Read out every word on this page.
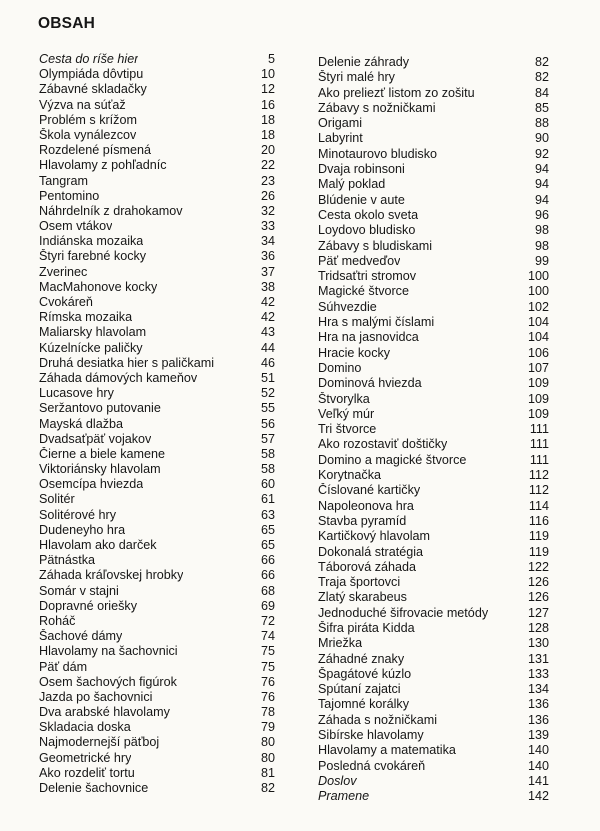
OBSAH
Cesta do ríše hier	5
Olympiáda dôvtipu	10
Zábavné skladačky	12
Výzva na súťaž	16
Problém s krížom	18
Škola vynálezcov	18
Rozdelené písmená	20
Hlavolamy z pohľadníc	22
Tangram	23
Pentomino	26
Náhrdelník z drahokamov	32
Osem vtákov	33
Indiánska mozaika	34
Štyri farebné kocky	36
Zverinec	37
MacMahonove kocky	38
Cvokáreň	42
Rímska mozaika	42
Maliarsky hlavolam	43
Kúzelnícke paličky	44
Druhá desiatka hier s paličkami	46
Záhada dámových kameňov	51
Lucasove hry	52
Seržantovo putovanie	55
Mayská dlažba	56
Dvadsaťpäť vojakov	57
Čierne a biele kamene	58
Viktoriánsky hlavolam	58
Osemcípa hviezda	60
Solitér	61
Solitérové hry	63
Dudeneyho hra	65
Hlavolam ako darček	65
Pätnástka	66
Záhada kráľovskej hrobky	66
Somár v stajni	68
Dopravné oriešky	69
Roháč	72
Šachové dámy	74
Hlavolamy na šachovnici	75
Päť dám	75
Osem šachových figúrok	76
Jazda po šachovnici	76
Dva arabské hlavolamy	78
Skladacia doska	79
Najmodernejší päťboj	80
Geometrické hry	80
Ako rozdeliť tortu	81
Delenie šachovnice	82
Delenie záhrady	82
Štyri malé hry	82
Ako preliezť listom zo zošitu	84
Zábavy s nožničkami	85
Origami	88
Labyrint	90
Minotaurovo bludisko	92
Dvaja robinsoni	94
Malý poklad	94
Blúdenie v aute	94
Cesta okolo sveta	96
Loydovo bludisko	98
Zábavy s bludiskami	98
Päť medveďov	99
Tridsaťtri stromov	100
Magické štvorce	100
Súhvezdie	102
Hra s malými číslami	104
Hra na jasnovidca	104
Hracie kocky	106
Domino	107
Dominová hviezda	109
Štvorylka	109
Veľký múr	109
Tri štvorce	111
Ako rozostaviť doštičky	111
Domino a magické štvorce	111
Korytnačka	112
Číslované kartičky	112
Napoleonova hra	114
Stavba pyramíd	116
Kartičkový hlavolam	119
Dokonalá stratégia	119
Táborová záhada	122
Traja športovci	126
Zlatý skarabeus	126
Jednoduché šifrovacie metódy	127
Šifra piráta Kidda	128
Mriežka	130
Záhadné znaky	131
Špagátové kúzlo	133
Spútaní zajatci	134
Tajomné korálky	136
Záhada s nožničkami	136
Sibírske hlavolamy	139
Hlavolamy a matematika	140
Posledná cvokáreň	140
Doslov	141
Pramene	142
